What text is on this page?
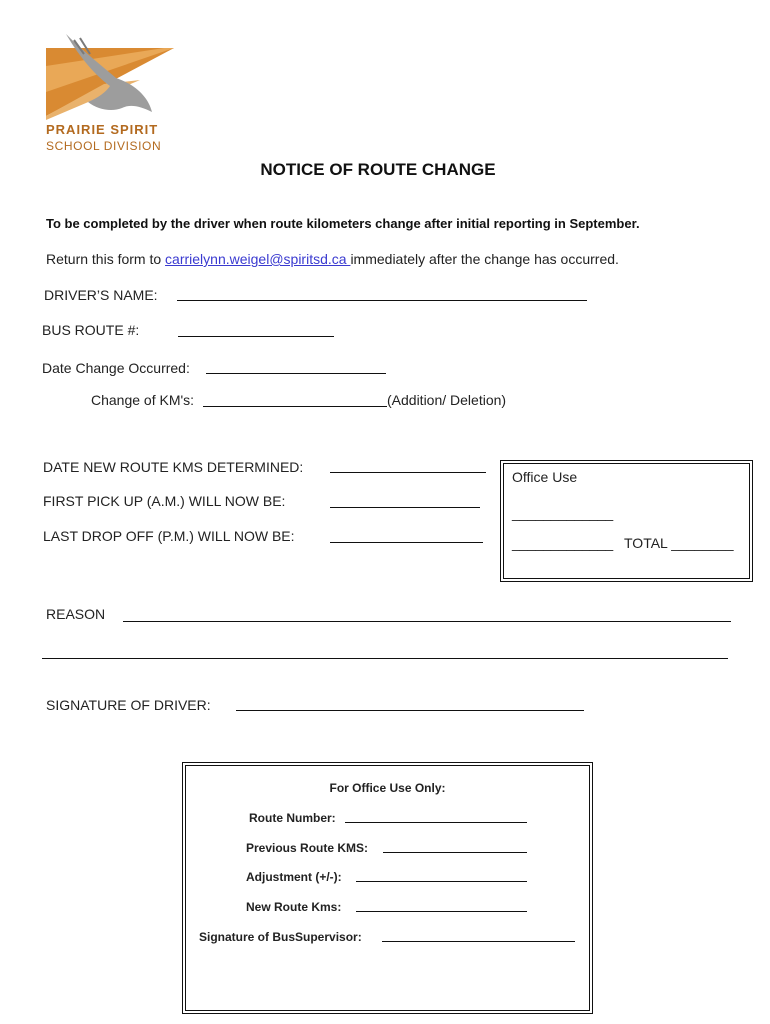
PRAIRIE SPIRIT
SCHOOL DIVISION
NOTICE OF ROUTE CHANGE
To be completed by the driver when route kilometers change after initial reporting in September.
Return this form to carrielynn.weigel@spiritsd.ca immediately after the change has occurred.
DRIVER’S NAME:
BUS ROUTE #:
Date Change Occurred:
Change of KM's:	(Addition/ Deletion)
DATE NEW ROUTE KMS DETERMINED:
FIRST PICK UP (A.M.) WILL NOW BE:
LAST DROP OFF (P.M.) WILL NOW BE:
Office Use
_____________
_____________ TOTAL ________
REASON
SIGNATURE OF DRIVER:
For Office Use Only:
Route Number:
Previous Route KMS:
Adjustment (+/-):
New Route Kms:
Signature of BusSupervisor:
